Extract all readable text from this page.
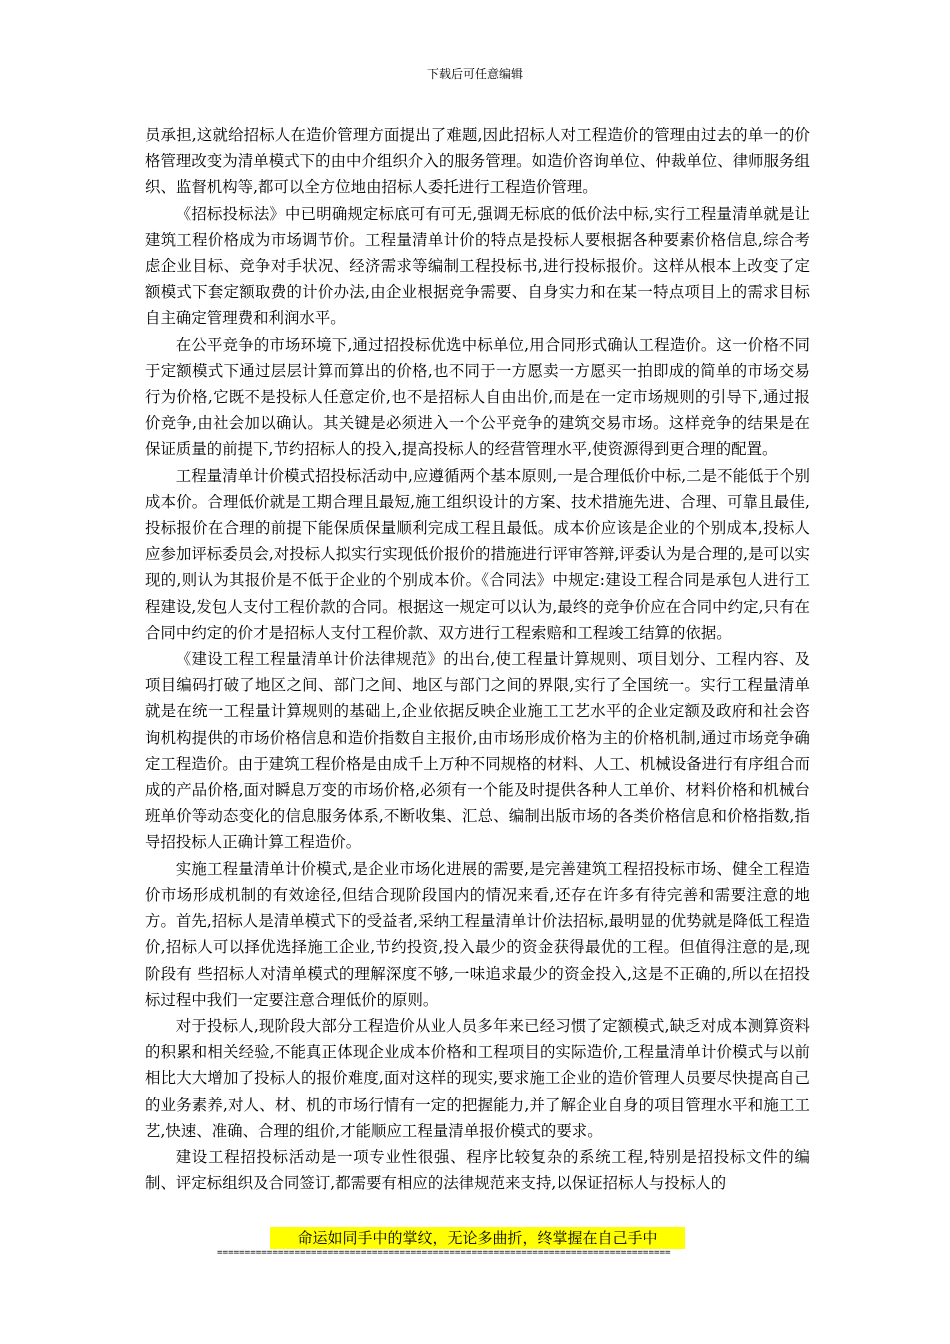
下载后可任意编辑

员承担,这就给招标人在造价管理方面提出了难题,因此招标人对工程造价的管理由过去的单一的价格管理改变为清单模式下的由中介组织介入的服务管理。如造价咨询单位、仲裁单位、律师服务组织、监督机构等,都可以全方位地由招标人委托进行工程造价管理。

《招标投标法》中已明确规定标底可有可无,强调无标底的低价法中标,实行工程量清单就是让建筑工程价格成为市场调节价。工程量清单计价的特点是投标人要根据各种要素价格信息,综合考虑企业目标、竞争对手状况、经济需求等编制工程投标书,进行投标报价。这样从根本上改变了定额模式下套定额取费的计价办法,由企业根据竞争需要、自身实力和在某一特点项目上的需求目标自主确定管理费和利润水平。

在公平竞争的市场环境下,通过招投标优选中标单位,用合同形式确认工程造价。这一价格不同于定额模式下通过层层计算而算出的价格,也不同于一方愿卖一方愿买一拍即成的简单的市场交易行为价格,它既不是投标人任意定价,也不是招标人自由出价,而是在一定市场规则的引导下,通过报价竞争,由社会加以确认。其关键是必须进入一个公平竞争的建筑交易市场。这样竞争的结果是在保证质量的前提下,节约招标人的投入,提高投标人的经营管理水平,使资源得到更合理的配置。

工程量清单计价模式招投标活动中,应遵循两个基本原则,一是合理低价中标,二是不能低于个别成本价。合理低价就是工期合理且最短,施工组织设计的方案、技术措施先进、合理、可靠且最佳,投标报价在合理的前提下能保质保量顺利完成工程且最低。成本价应该是企业的个别成本,投标人应参加评标委员会,对投标人拟实行实现低价报价的措施进行评审答辩,评委认为是合理的,是可以实现的,则认为其报价是不低于企业的个别成本价。《合同法》中规定:建设工程合同是承包人进行工程建设,发包人支付工程价款的合同。根据这一规定可以认为,最终的竞争价应在合同中约定,只有在合同中约定的价才是招标人支付工程价款、双方进行工程索赔和工程竣工结算的依据。

《建设工程工程量清单计价法律规范》的出台,使工程量计算规则、项目划分、工程内容、及项目编码打破了地区之间、部门之间、地区与部门之间的界限,实行了全国统一。实行工程量清单就是在统一工程量计算规则的基础上,企业依据反映企业施工工艺水平的企业定额及政府和社会咨询机构提供的市场价格信息和造价指数自主报价,由市场形成价格为主的价格机制,通过市场竞争确定工程造价。由于建筑工程价格是由成千上万种不同规格的材料、人工、机械设备进行有序组合而成的产品价格,面对瞬息万变的市场价格,必须有一个能及时提供各种人工单价、材料价格和机械台班单价等动态变化的信息服务体系,不断收集、汇总、编制出版市场的各类价格信息和价格指数,指导招投标人正确计算工程造价。

实施工程量清单计价模式,是企业市场化进展的需要,是完善建筑工程招投标市场、健全工程造价市场形成机制的有效途径,但结合现阶段国内的情况来看,还存在许多有待完善和需要注意的地方。首先,招标人是清单模式下的受益者,采纳工程量清单计价法招标,最明显的优势就是降低工程造价,招标人可以择优选择施工企业,节约投资,投入最少的资金获得最优的工程。但值得注意的是,现阶段有 些招标人对清单模式的理解深度不够,一味追求最少的资金投入,这是不正确的,所以在招投标过程中我们一定要注意合理低价的原则。

对于投标人,现阶段大部分工程造价从业人员多年来已经习惯了定额模式,缺乏对成本测算资料的积累和相关经验,不能真正体现企业成本价格和工程项目的实际造价,工程量清单计价模式与以前相比大大增加了投标人的报价难度,面对这样的现实,要求施工企业的造价管理人员要尽快提高自己的业务素养,对人、材、机的市场行情有一定的把握能力,并了解企业自身的项目管理水平和施工工艺,快速、准确、合理的组价,才能顺应工程量清单报价模式的要求。

建设工程招投标活动是一项专业性很强、程序比较复杂的系统工程,特别是招投标文件的编制、评定标组织及合同签订,都需要有相应的法律规范来支持,以保证招标人与投标人的

命运如同手中的掌纹，无论多曲折，终掌握在自己手中
==================================================================================
